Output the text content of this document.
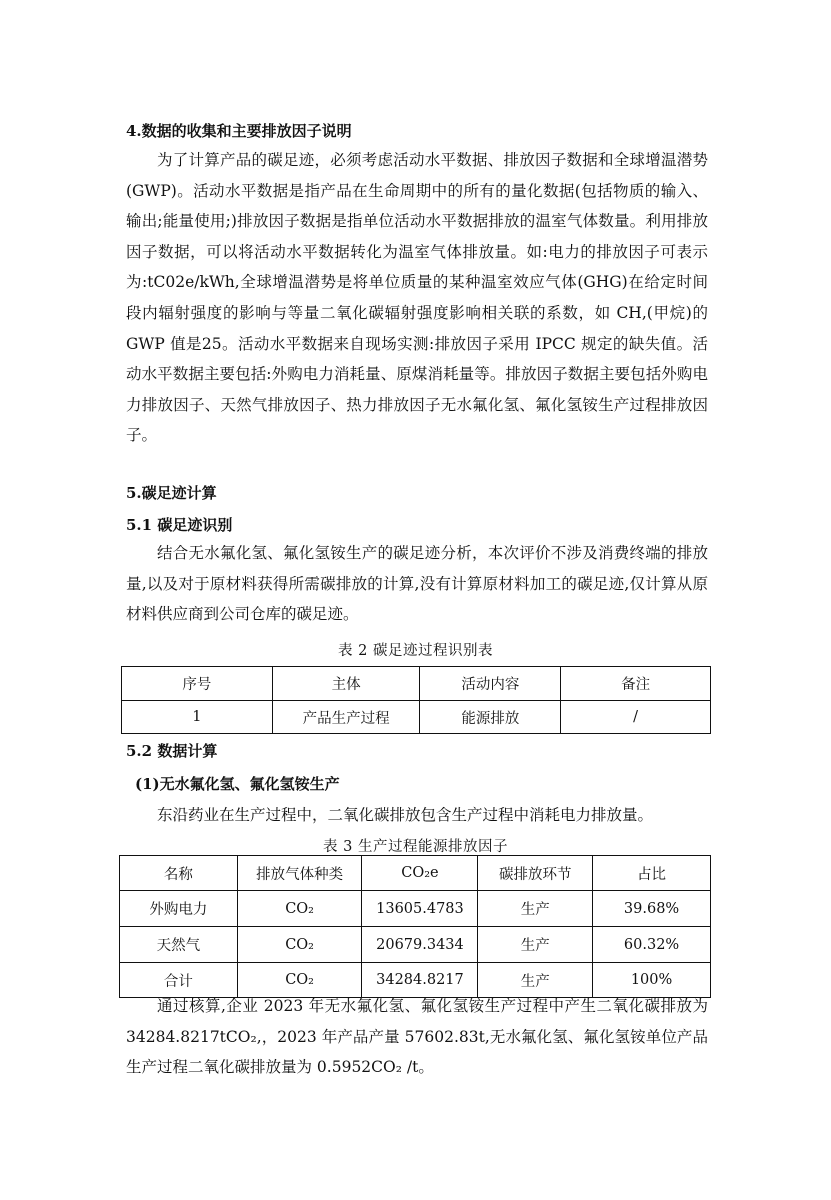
4.数据的收集和主要排放因子说明

为了计算产品的碳足迹，必须考虑活动水平数据、排放因子数据和全球增温潜势(GWP)。活动水平数据是指产品在生命周期中的所有的量化数据(包括物质的输入、输出;能量使用;)排放因子数据是指单位活动水平数据排放的温室气体数量。利用排放因子数据，可以将活动水平数据转化为温室气体排放量。如:电力的排放因子可表示为:tC02e/kWh,全球增温潜势是将单位质量的某种温室效应气体(GHG)在给定时间段内辐射强度的影响与等量二氧化碳辐射强度影响相关联的系数，如 CH,(甲烷)的 GWP 值是25。活动水平数据来自现场实测:排放因子采用 IPCC 规定的缺失值。活动水平数据主要包括:外购电力消耗量、原煤消耗量等。排放因子数据主要包括外购电力排放因子、天然气排放因子、热力排放因子无水氟化氢、氟化氢铵生产过程排放因子。

5.碳足迹计算
5.1 碳足迹识别

结合无水氟化氢、氟化氢铵生产的碳足迹分析，本次评价不涉及消费终端的排放量,以及对于原材料获得所需碳排放的计算,没有计算原材料加工的碳足迹,仅计算从原材料供应商到公司仓库的碳足迹。

表 2 碳足迹过程识别表

序号	主体	活动内容	备注
1	产品生产过程	能源排放	/
5.2 数据计算
(1)无水氟化氢、氟化氢铵生产

东沿药业在生产过程中，二氧化碳排放包含生产过程中消耗电力排放量。

表 3 生产过程能源排放因子

名称	排放气体种类	CO₂e	碳排放环节	占比
外购电力	CO₂	13605.4783	生产	39.68%
天然气	CO₂	20679.3434	生产	60.32%
合计	CO₂	34284.8217	生产	100%

通过核算,企业 2023 年无水氟化氢、氟化氢铵生产过程中产生二氧化碳排放为 34284.8217tCO₂,，2023 年产品产量 57602.83t,无水氟化氢、氟化氢铵单位产品生产过程二氧化碳排放量为 0.5952CO₂ /t。
